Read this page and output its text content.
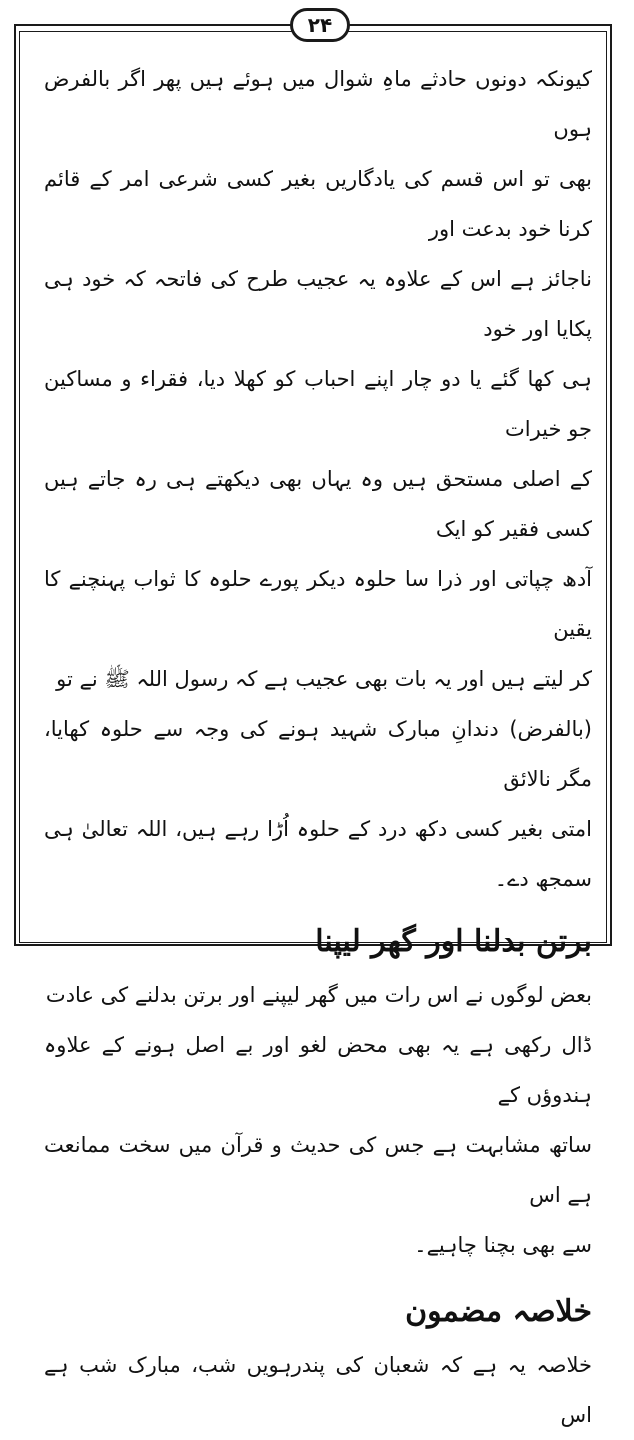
۲۴

کیونکہ دونوں حادثے ماہِ شوال میں ہوئے ہیں پھر اگر بالفرض ہوں

بھی تو اس قسم کی یادگاریں بغیر کسی شرعی امر کے قائم کرنا خود بدعت اور

ناجائز ہے اس کے علاوہ یہ عجیب طرح کی فاتحہ کہ خود ہی پکایا اور خود

ہی کھا گئے یا دو چار اپنے احباب کو کھلا دیا، فقراء و مساکین جو خیرات

کے اصلی مستحق ہیں وہ یہاں بھی دیکھتے ہی رہ جاتے ہیں کسی فقیر کو ایک

آدھ چپاتی اور ذرا سا حلوہ دیکر پورے حلوہ کا ثواب پہنچنے کا یقین

کر لیتے ہیں اور یہ بات بھی عجیب ہے کہ رسول اللہ ﷺ نے تو

(بالفرض) دندانِ مبارک شہید ہونے کی وجہ سے حلوہ کھایا، مگر نالائق

امتی بغیر کسی دکھ درد کے حلوہ اُڑا رہے ہیں، اللہ تعالیٰ ہی سمجھ دے۔

برتن بدلنا اور گھر لیپنا

بعض لوگوں نے اس رات میں گھر لیپنے اور برتن بدلنے کی عادت

ڈال رکھی ہے یہ بھی محض لغو اور بے اصل ہونے کے علاوہ ہندوؤں کے

ساتھ مشابہت ہے جس کی حدیث و قرآن میں سخت ممانعت ہے اس

سے بھی بچنا چاہیے۔

خلاصہ مضمون

خلاصہ یہ ہے کہ شعبان کی پندرہویں شب، مبارک شب ہے اس
